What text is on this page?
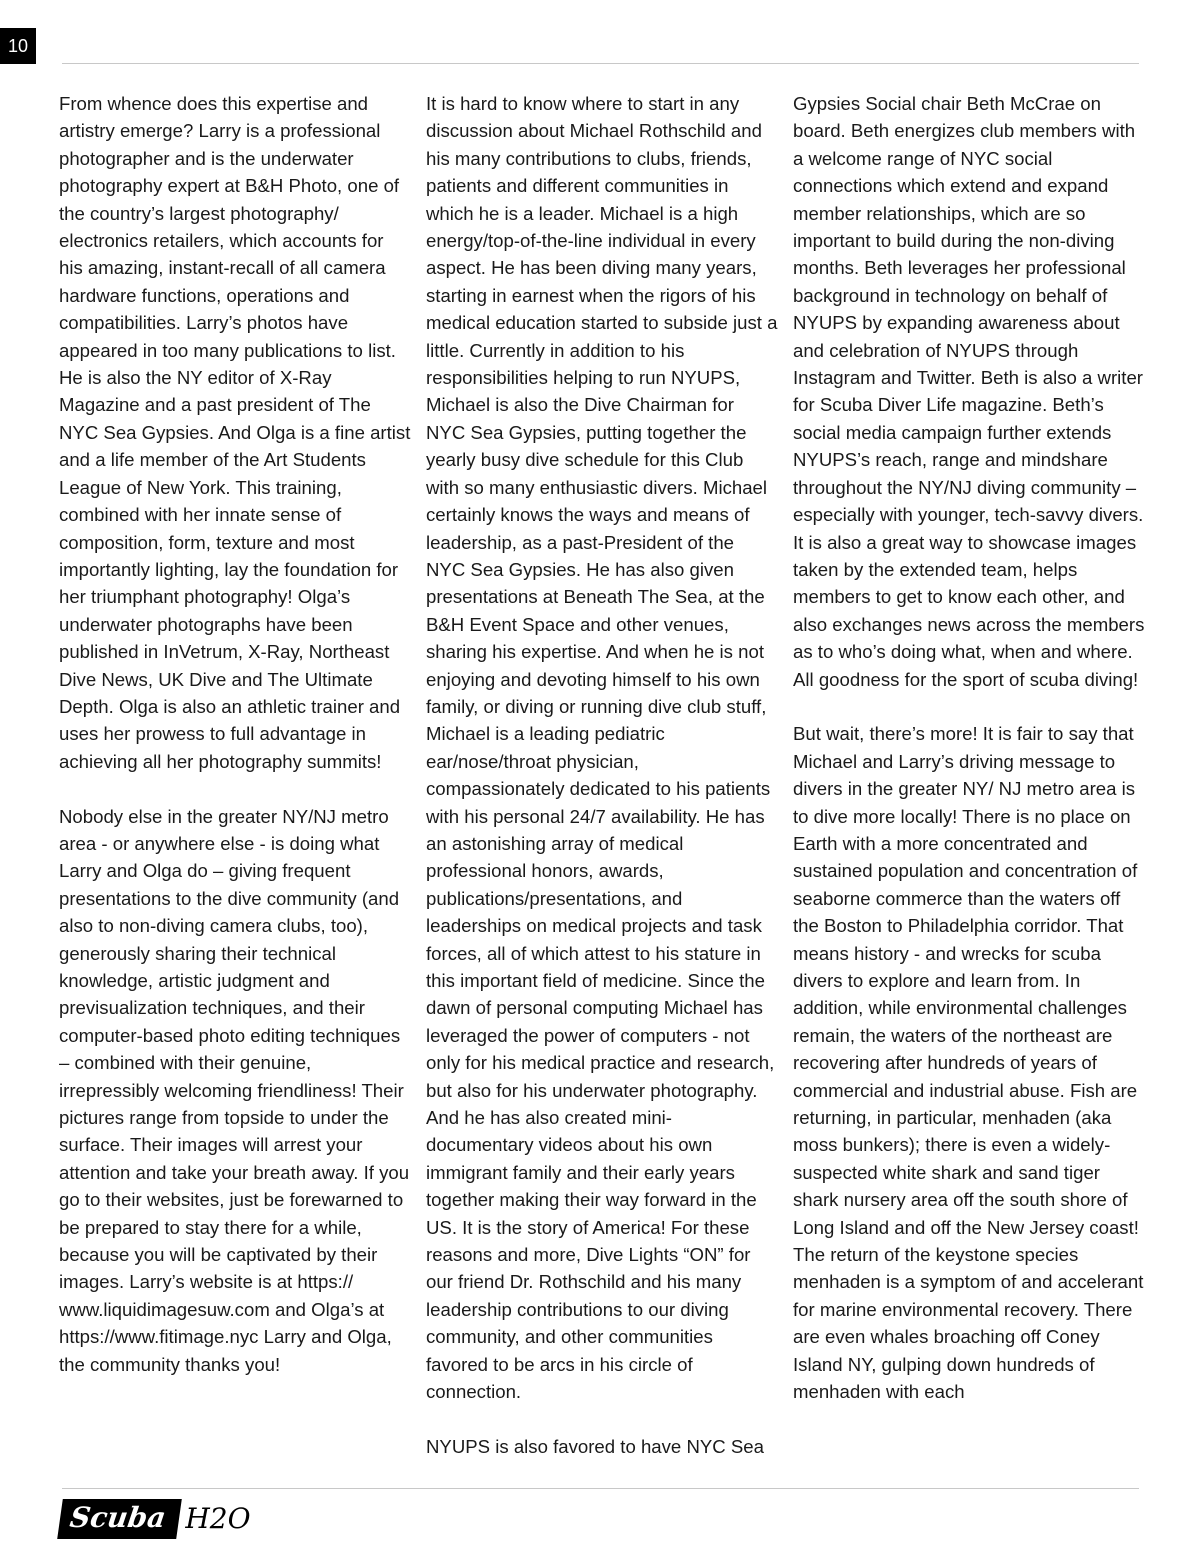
10

From whence does this expertise and artistry emerge? Larry is a professional photographer and is the underwater photography expert at B&H Photo, one of the country’s largest photography/ electronics retailers, which accounts for his amazing, instant-recall of all camera hardware functions, operations and compatibilities. Larry’s photos have appeared in too many publications to list. He is also the NY editor of X-Ray Magazine and a past president of The NYC Sea Gypsies. And Olga is a fine artist and a life member of the Art Students League of New York. This training, combined with her innate sense of composition, form, texture and most importantly lighting, lay the foundation for her triumphant photography! Olga’s underwater photographs have been published in InVetrum, X-Ray, Northeast Dive News, UK Dive and The Ultimate Depth. Olga is also an athletic trainer and uses her prowess to full advantage in achieving all her photography summits!

Nobody else in the greater NY/NJ metro area - or anywhere else - is doing what Larry and Olga do – giving frequent presentations to the dive community (and also to non-diving camera clubs, too), generously sharing their technical knowledge, artistic judgment and previsualization techniques, and their computer-based photo editing techniques – combined with their genuine, irrepressibly welcoming friendliness! Their pictures range from topside to under the surface. Their images will arrest your attention and take your breath away. If you go to their websites, just be forewarned to be prepared to stay there for a while, because you will be captivated by their images. Larry’s website is at https:// www.liquidimagesuw.com and Olga’s at https://www.fitimage.nyc Larry and Olga, the community thanks you!

It is hard to know where to start in any discussion about Michael Rothschild and his many contributions to clubs, friends, patients and different communities in which he is a leader. Michael is a high energy/top-of-the-line individual in every aspect. He has been diving many years, starting in earnest when the rigors of his medical education started to subside just a little. Currently in addition to his responsibilities helping to run NYUPS, Michael is also the Dive Chairman for NYC Sea Gypsies, putting together the yearly busy dive schedule for this Club with so many enthusiastic divers. Michael certainly knows the ways and means of leadership, as a past-President of the NYC Sea Gypsies. He has also given presentations at Beneath The Sea, at the B&H Event Space and other venues, sharing his expertise. And when he is not enjoying and devoting himself to his own family, or diving or running dive club stuff, Michael is a leading pediatric ear/nose/throat physician, compassionately dedicated to his patients with his personal 24/7 availability. He has an astonishing array of medical professional honors, awards, publications/presentations, and leaderships on medical projects and task forces, all of which attest to his stature in this important field of medicine. Since the dawn of personal computing Michael has leveraged the power of computers - not only for his medical practice and research, but also for his underwater photography. And he has also created mini-documentary videos about his own immigrant family and their early years together making their way forward in the US. It is the story of America! For these reasons and more, Dive Lights “ON” for our friend Dr. Rothschild and his many leadership contributions to our diving community, and other communities favored to be arcs in his circle of connection.

NYUPS is also favored to have NYC Sea

Gypsies Social chair Beth McCrae on board. Beth energizes club members with a welcome range of NYC social connections which extend and expand member relationships, which are so important to build during the non-diving months. Beth leverages her professional background in technology on behalf of NYUPS by expanding awareness about and celebration of NYUPS through Instagram and Twitter. Beth is also a writer for Scuba Diver Life magazine. Beth’s social media campaign further extends NYUPS’s reach, range and mindshare throughout the NY/NJ diving community – especially with younger, tech-savvy divers. It is also a great way to showcase images taken by the extended team, helps members to get to know each other, and also exchanges news across the members as to who’s doing what, when and where. All goodness for the sport of scuba diving!

But wait, there’s more! It is fair to say that Michael and Larry’s driving message to divers in the greater NY/ NJ metro area is to dive more locally! There is no place on Earth with a more concentrated and sustained population and concentration of seaborne commerce than the waters off the Boston to Philadelphia corridor. That means history - and wrecks for scuba divers to explore and learn from. In addition, while environmental challenges remain, the waters of the northeast are recovering after hundreds of years of commercial and industrial abuse. Fish are returning, in particular, menhaden (aka moss bunkers); there is even a widely-suspected white shark and sand tiger shark nursery area off the south shore of Long Island and off the New Jersey coast! The return of the keystone species menhaden is a symptom of and accelerant for marine environmental recovery. There are even whales broaching off Coney Island NY, gulping down hundreds of menhaden with each

Scuba H2O
